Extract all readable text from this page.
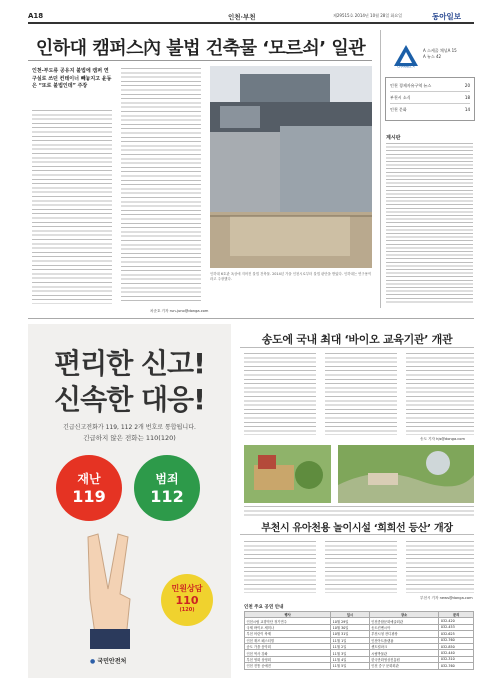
A18	인천·부천	제29515호 2014년 10월 28일 화요일	동아일보
인하대 캠퍼스內 불법 건축물 ‘모르쇠’ 일관
인천-부도류 공유지 불법에 캠퍼 연구실로 쓰던 컨테이너 빼놓지고 윤동은 “또로 불법인데” 주장
차준호 기자 run-juno@donga.com
인하대 6호관 옥상에 지어진 불법 건축물. 2014년 가을 인천시로부터 불법 판단을 받았다. 인하대는 연구용이라고 주장했다.
CHANNEL A
A 스케줄 채널A 15
A 뉴스 42
인천 경제자유구역 뉴스	20
부천시 소식	18
인천 문화	14
계시판
편리한 신고!
신속한 대응!
긴급신고전화가 119, 112 2개 번호로 통합됩니다.
긴급하지 않은 전화는 110(120)
재난
119
범죄
112
민원상담
110
(120)
● 국민안전처
송도에 국내 최대 ‘바이오 교육기관’ 개관
송도 기자 hjs@donga.com
부천시 유아천용 놀이시설 ‘희희선 등산’ 개장
부천시 기자 news@donga.com
인천 주요 공연 안내
행사	일시	장소	문의
인천시립 교향악단 정기연주	10월 29일	인천종합문화예술회관	032-420
국제 바이오 세미나	10월 30일	송도컨벤시아	032-453
부천 어린이 축제	10월 31일	부천시청 잔디광장	032-625
인천 재즈 페스티벌	11월 1일	인천아트플랫폼	032-760
송도 가을 음악회	11월 2일	센트럴파크	032-850
인천 역사 강좌	11월 3일	시립박물관	032-440
부천 영화 상영회	11월 4일	한국만화영상진흥원	032-310
인천 전통 공예전	11월 5일	인천 중구 문화회관	032-760
